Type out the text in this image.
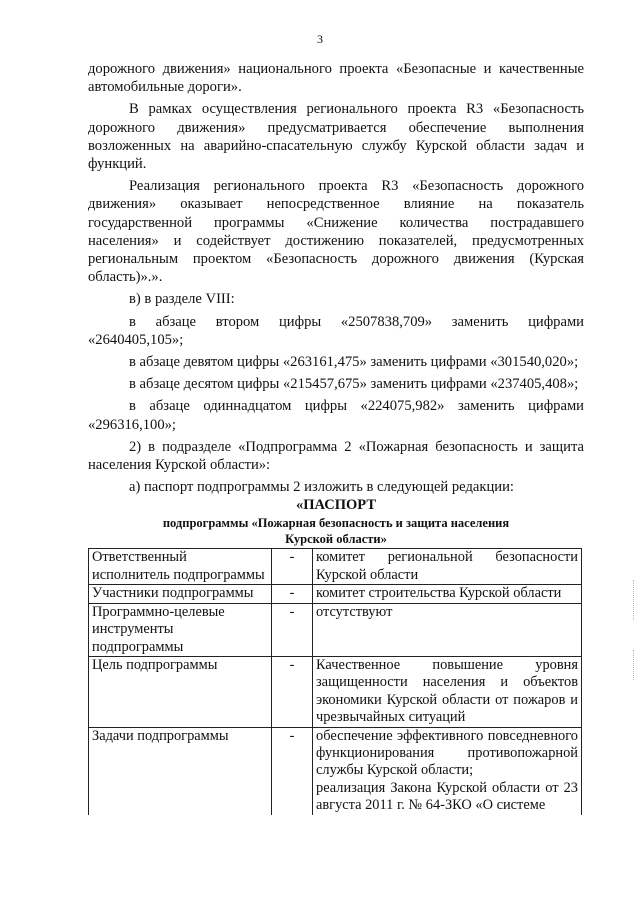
3

дорожного движения» национального проекта «Безопасные и качественные автомобильные дороги».

В рамках осуществления регионального проекта R3 «Безопасность дорожного движения» предусматривается обеспечение выполнения возложенных на аварийно-спасательную службу Курской области задач и функций.

Реализация регионального проекта R3 «Безопасность дорожного движения» оказывает непосредственное влияние на показатель государственной программы «Снижение количества пострадавшего населения» и содействует достижению показателей, предусмотренных региональным проектом «Безопасность дорожного движения (Курская область)».».

в) в разделе VIII:

в абзаце втором цифры «2507838,709» заменить цифрами «2640405,105»;

в абзаце девятом цифры «263161,475» заменить цифрами «301540,020»;

в абзаце десятом цифры «215457,675» заменить цифрами «237405,408»;

в абзаце одиннадцатом цифры «224075,982» заменить цифрами «296316,100»;

2) в подразделе «Подпрограмма 2 «Пожарная безопасность и защита населения Курской области»:

а) паспорт подпрограммы 2 изложить в следующей редакции:

«ПАСПОРТ
подпрограммы «Пожарная безопасность и защита населения
Курской области»
Ответственный исполнитель подпрограммы	-	комитет региональной безопасности Курской области
Участники подпрограммы	-	комитет строительства Курской области
Программно-целевые инструменты подпрограммы	-	отсутствуют
Цель подпрограммы	-	Качественное повышение уровня защищенности населения и объектов экономики Курской области от пожаров и чрезвычайных ситуаций
Задачи подпрограммы	-	обеспечение эффективного повседневного функционирования противопожарной службы Курской области;
реализация Закона Курской области от 23 августа 2011 г. № 64-ЗКО «О системе
